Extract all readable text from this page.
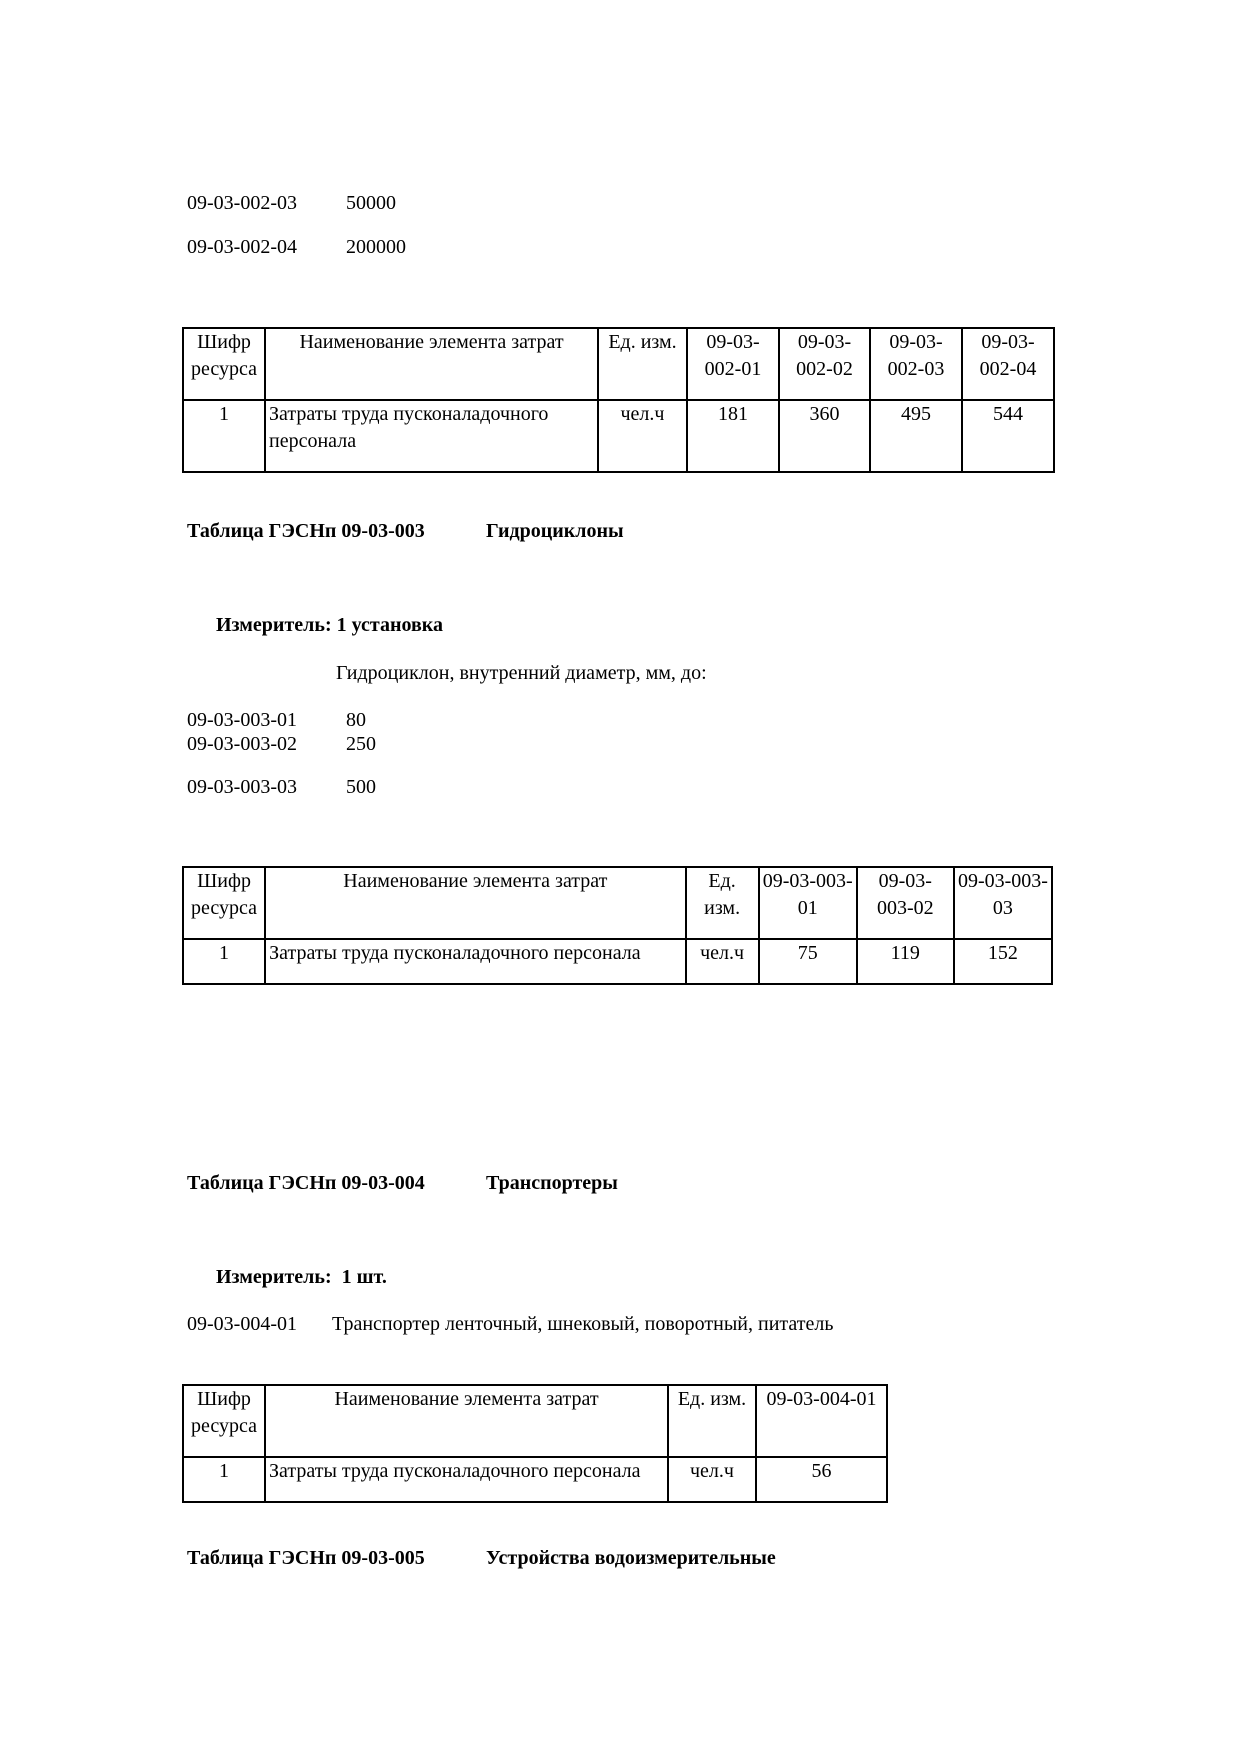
09-03-002-03 50000
09-03-002-04 200000
Шифр ресурса	Наименование элемента затрат	Ед. изм.	09-03-002-01	09-03-002-02	09-03-002-03	09-03-002-04
1	Затраты труда пусконаладочного персонала	чел.ч	181	360	495	544
Таблица ГЭСНп 09-03-003	Гидроциклоны
Измеритель: 1 установка
Гидроциклон, внутренний диаметр, мм, до:
09-03-003-01 80
09-03-003-02 250
09-03-003-03 500
Шифр ресурса	Наименование элемента затрат	Ед. изм.	09-03-003-01	09-03-003-02	09-03-003-03
1	Затраты труда пусконаладочного персонала	чел.ч	75	119	152
Таблица ГЭСНп 09-03-004	Транспортеры
Измеритель:  1 шт.
09-03-004-01 Транспортер ленточный, шнековый, поворотный, питатель
Шифр ресурса	Наименование элемента затрат	Ед. изм.	09-03-004-01
1	Затраты труда пусконаладочного персонала	чел.ч	56
Таблица ГЭСНп 09-03-005	Устройства водоизмерительные
